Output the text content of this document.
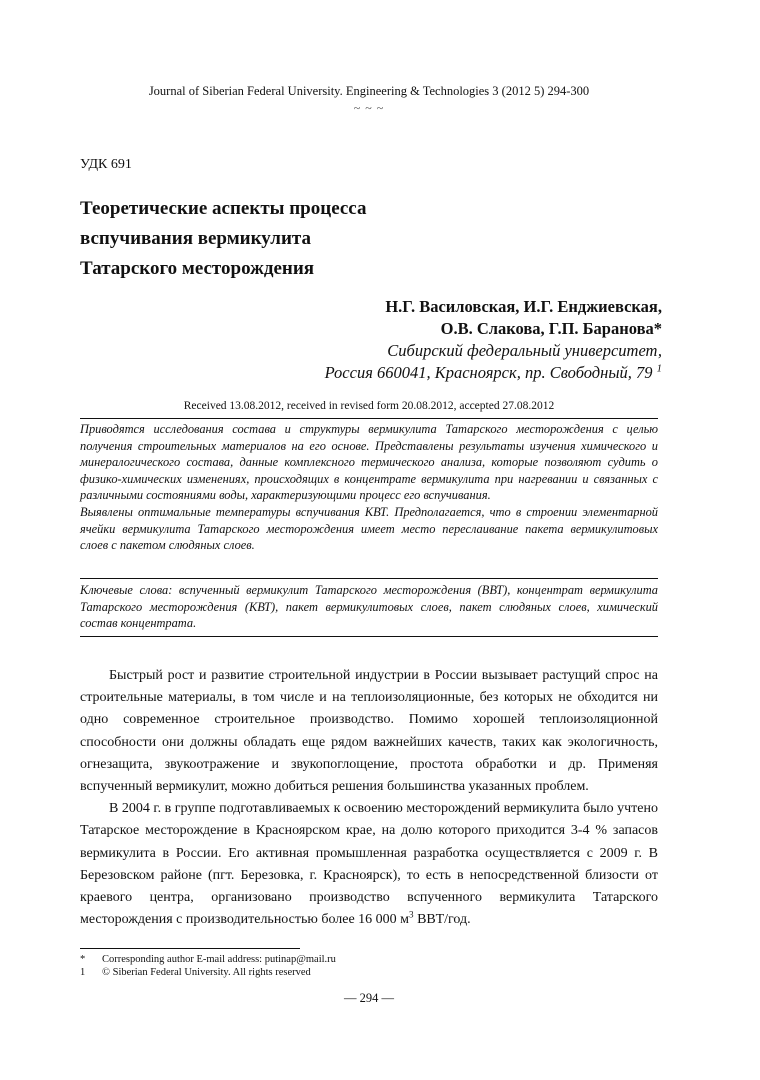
Journal of Siberian Federal University. Engineering & Technologies 3 (2012 5) 294-300
~ ~ ~
УДК 691
Теоретические аспекты процесса
вспучивания вермикулита
Татарского месторождения
Н.Г. Василовская, И.Г. Енджиевская,
О.В. Слакова, Г.П. Баранова*
Сибирский федеральный университет,
Россия 660041, Красноярск, пр. Свободный, 79 $^1$
Received 13.08.2012, received in revised form 20.08.2012, accepted 27.08.2012

Приводятся исследования состава и структуры вермикулита Татарского месторождения с целью получения строительных материалов на его основе. Представлены результаты изучения химического и минералогического состава, данные комплексного термического анализа, которые позволяют судить о физико-химических изменениях, происходящих в концентрате вермикулита при нагревании и связанных с различными состояниями воды, характеризующими процесс его вспучивания.

Выявлены оптимальные температуры вспучивания КВТ. Предполагается, что в строении элементарной ячейки вермикулита Татарского месторождения имеет место переслаивание пакета вермикулитовых слоев с пакетом слюдяных слоев.

Ключевые слова: вспученный вермикулит Татарского месторождения (ВВТ), концентрат вермикулита Татарского месторождения (КВТ), пакет вермикулитовых слоев, пакет слюдяных слоев, химический состав концентрата.

Быстрый рост и развитие строительной индустрии в России вызывает растущий спрос на строительные материалы, в том числе и на теплоизоляционные, без которых не обходится ни одно современное строительное производство. Помимо хорошей теплоизоляционной способности они должны обладать еще рядом важнейших качеств, таких как экологичность, огнезащита, звукоотражение и звукопоглощение, простота обработки и др. Применяя вспученный вермикулит, можно добиться решения большинства указанных проблем.

В 2004 г. в группе подготавливаемых к освоению месторождений вермикулита было учтено Татарское месторождение в Красноярском крае, на долю которого приходится 3-4 % запасов вермикулита в России. Его активная промышленная разработка осуществляется с 2009 г. В Березовском районе (пгт. Березовка, г. Красноярск), то есть в непосредственной близости от краевого центра, организовано производство вспученного вермикулита Татарского месторождения с производительностью более 16 000 $м^3$ ВВТ/год.

*	Corresponding author E-mail address: putinap@mail.ru
1	© Siberian Federal University. All rights reserved
— 294 —
